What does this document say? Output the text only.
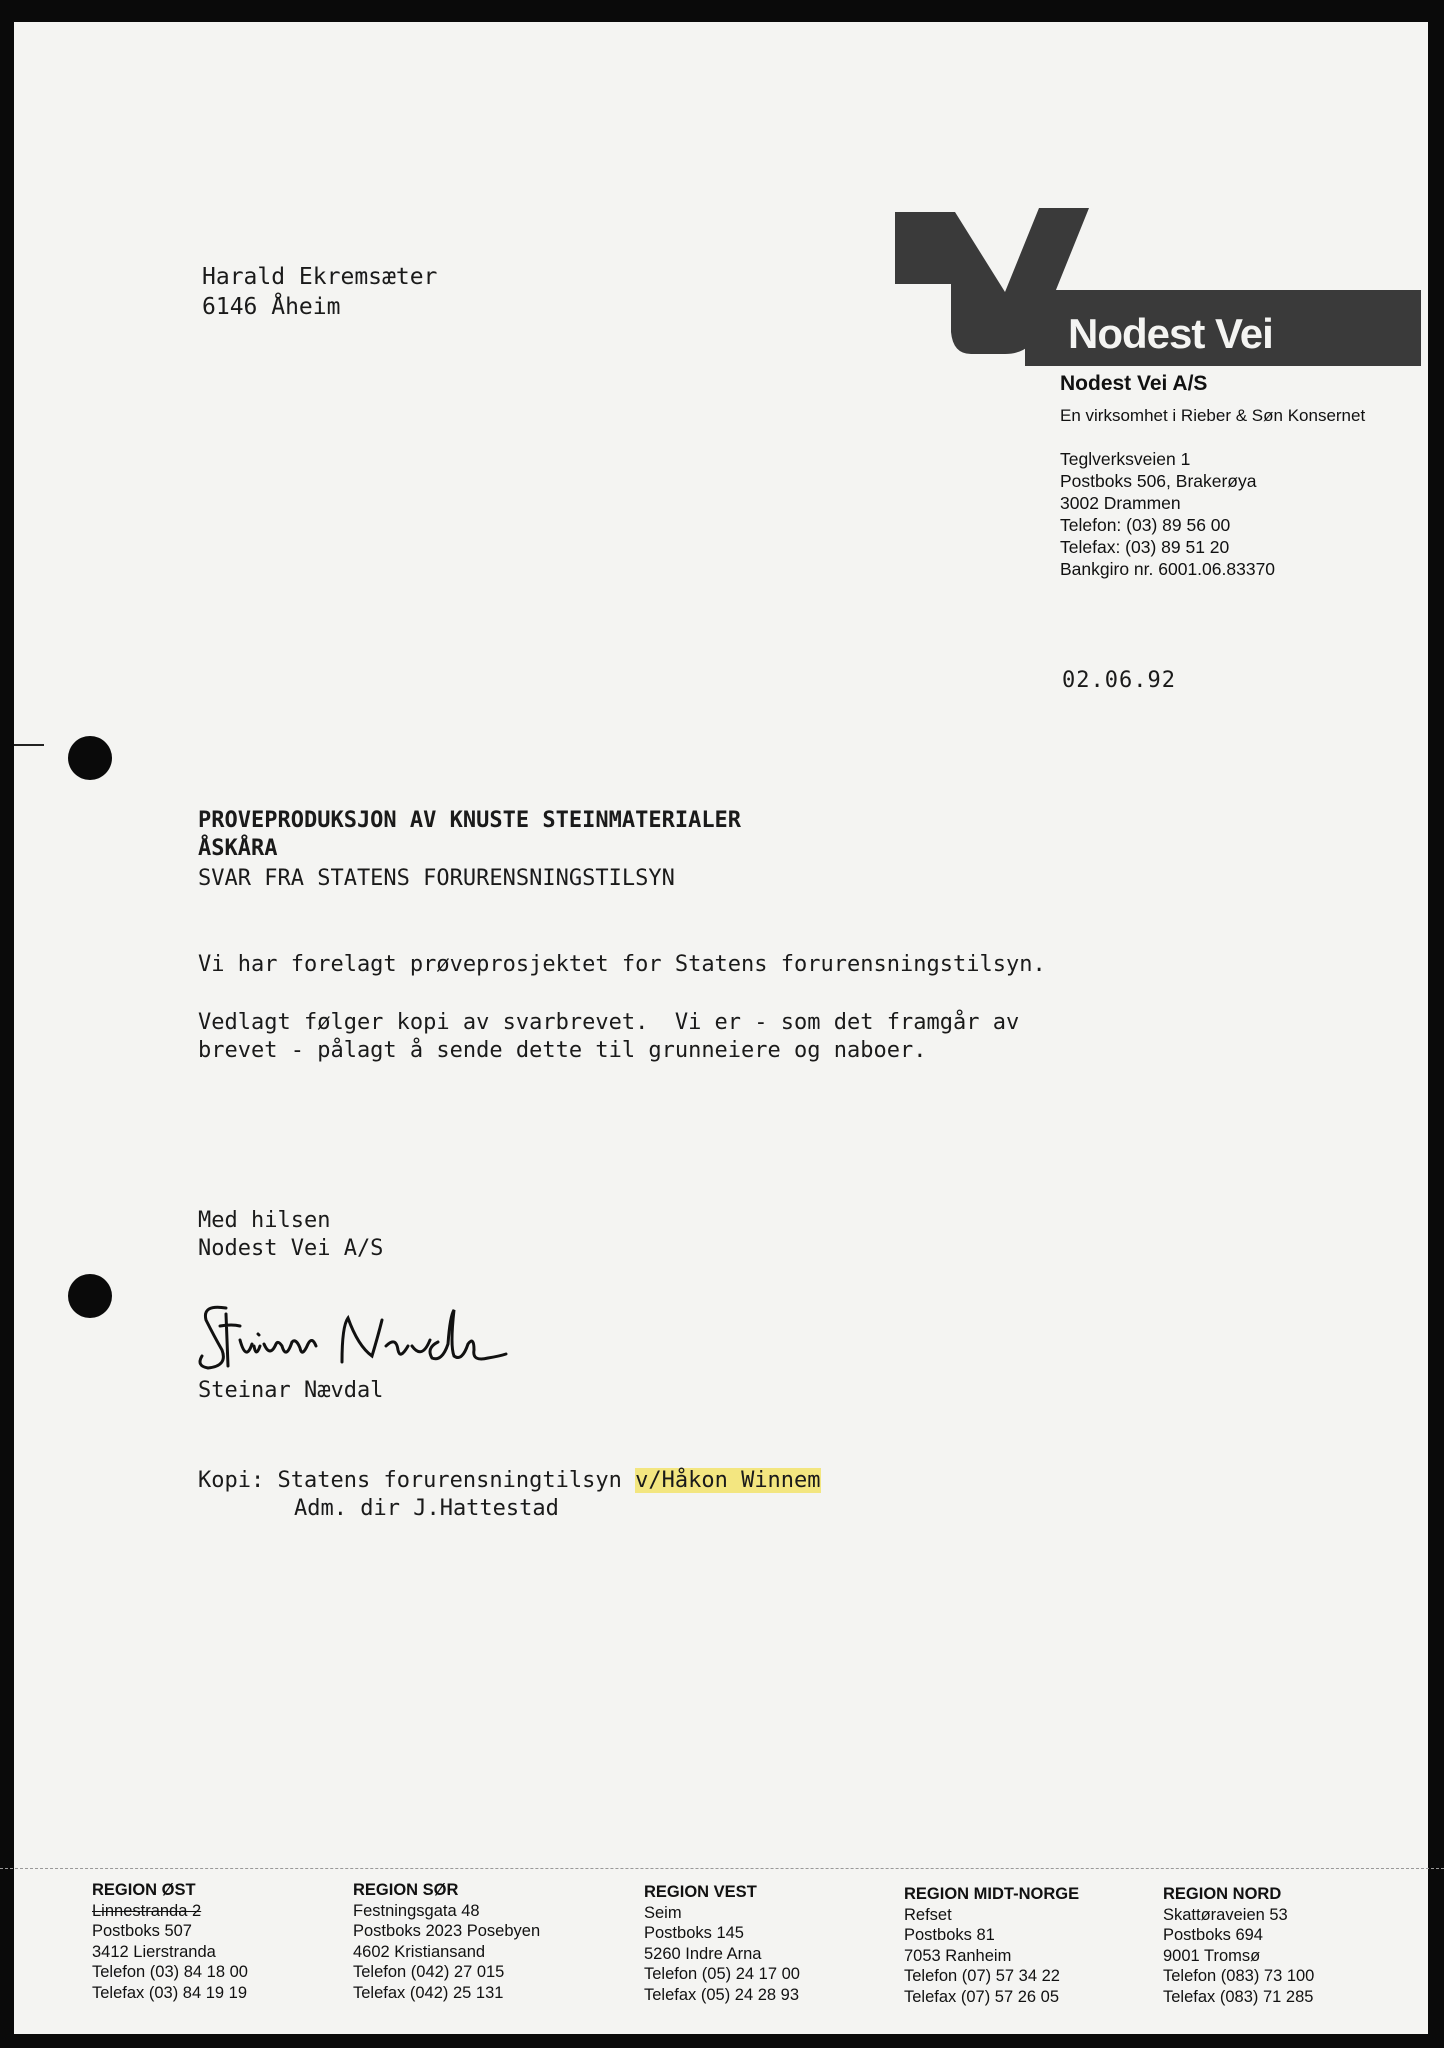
Harald Ekremsæter
6146 Åheim
Nodest Vei
Nodest Vei A/S
En virksomhet i Rieber & Søn Konsernet
Teglverksveien 1
Postboks 506, Brakerøya
3002 Drammen
Telefon: (03) 89 56 00
Telefax: (03) 89 51 20
Bankgiro nr. 6001.06.83370
02.06.92
PROVEPRODUKSJON AV KNUSTE STEINMATERIALER
ÅSKÅRA
SVAR FRA STATENS FORURENSNINGSTILSYN
Vi har forelagt prøveprosjektet for Statens forurensningstilsyn.
Vedlagt følger kopi av svarbrevet.  Vi er - som det framgår av
brevet - pålagt å sende dette til grunneiere og naboer.
Med hilsen
Nodest Vei A/S
Steinar Nævdal
Kopi: Statens forurensningtilsyn v/Håkon Winnem
Adm. dir J.Hattestad
REGION ØST
Linnestranda 2
Postboks 507
3412 Lierstranda
Telefon (03) 84 18 00
Telefax (03) 84 19 19
REGION SØR
Festningsgata 48
Postboks 2023 Posebyen
4602 Kristiansand
Telefon (042) 27 015
Telefax (042) 25 131
REGION VEST
Seim
Postboks 145
5260 Indre Arna
Telefon (05) 24 17 00
Telefax (05) 24 28 93
REGION MIDT-NORGE
Refset
Postboks 81
7053 Ranheim
Telefon (07) 57 34 22
Telefax (07) 57 26 05
REGION NORD
Skattøraveien 53
Postboks 694
9001 Tromsø
Telefon (083) 73 100
Telefax (083) 71 285
